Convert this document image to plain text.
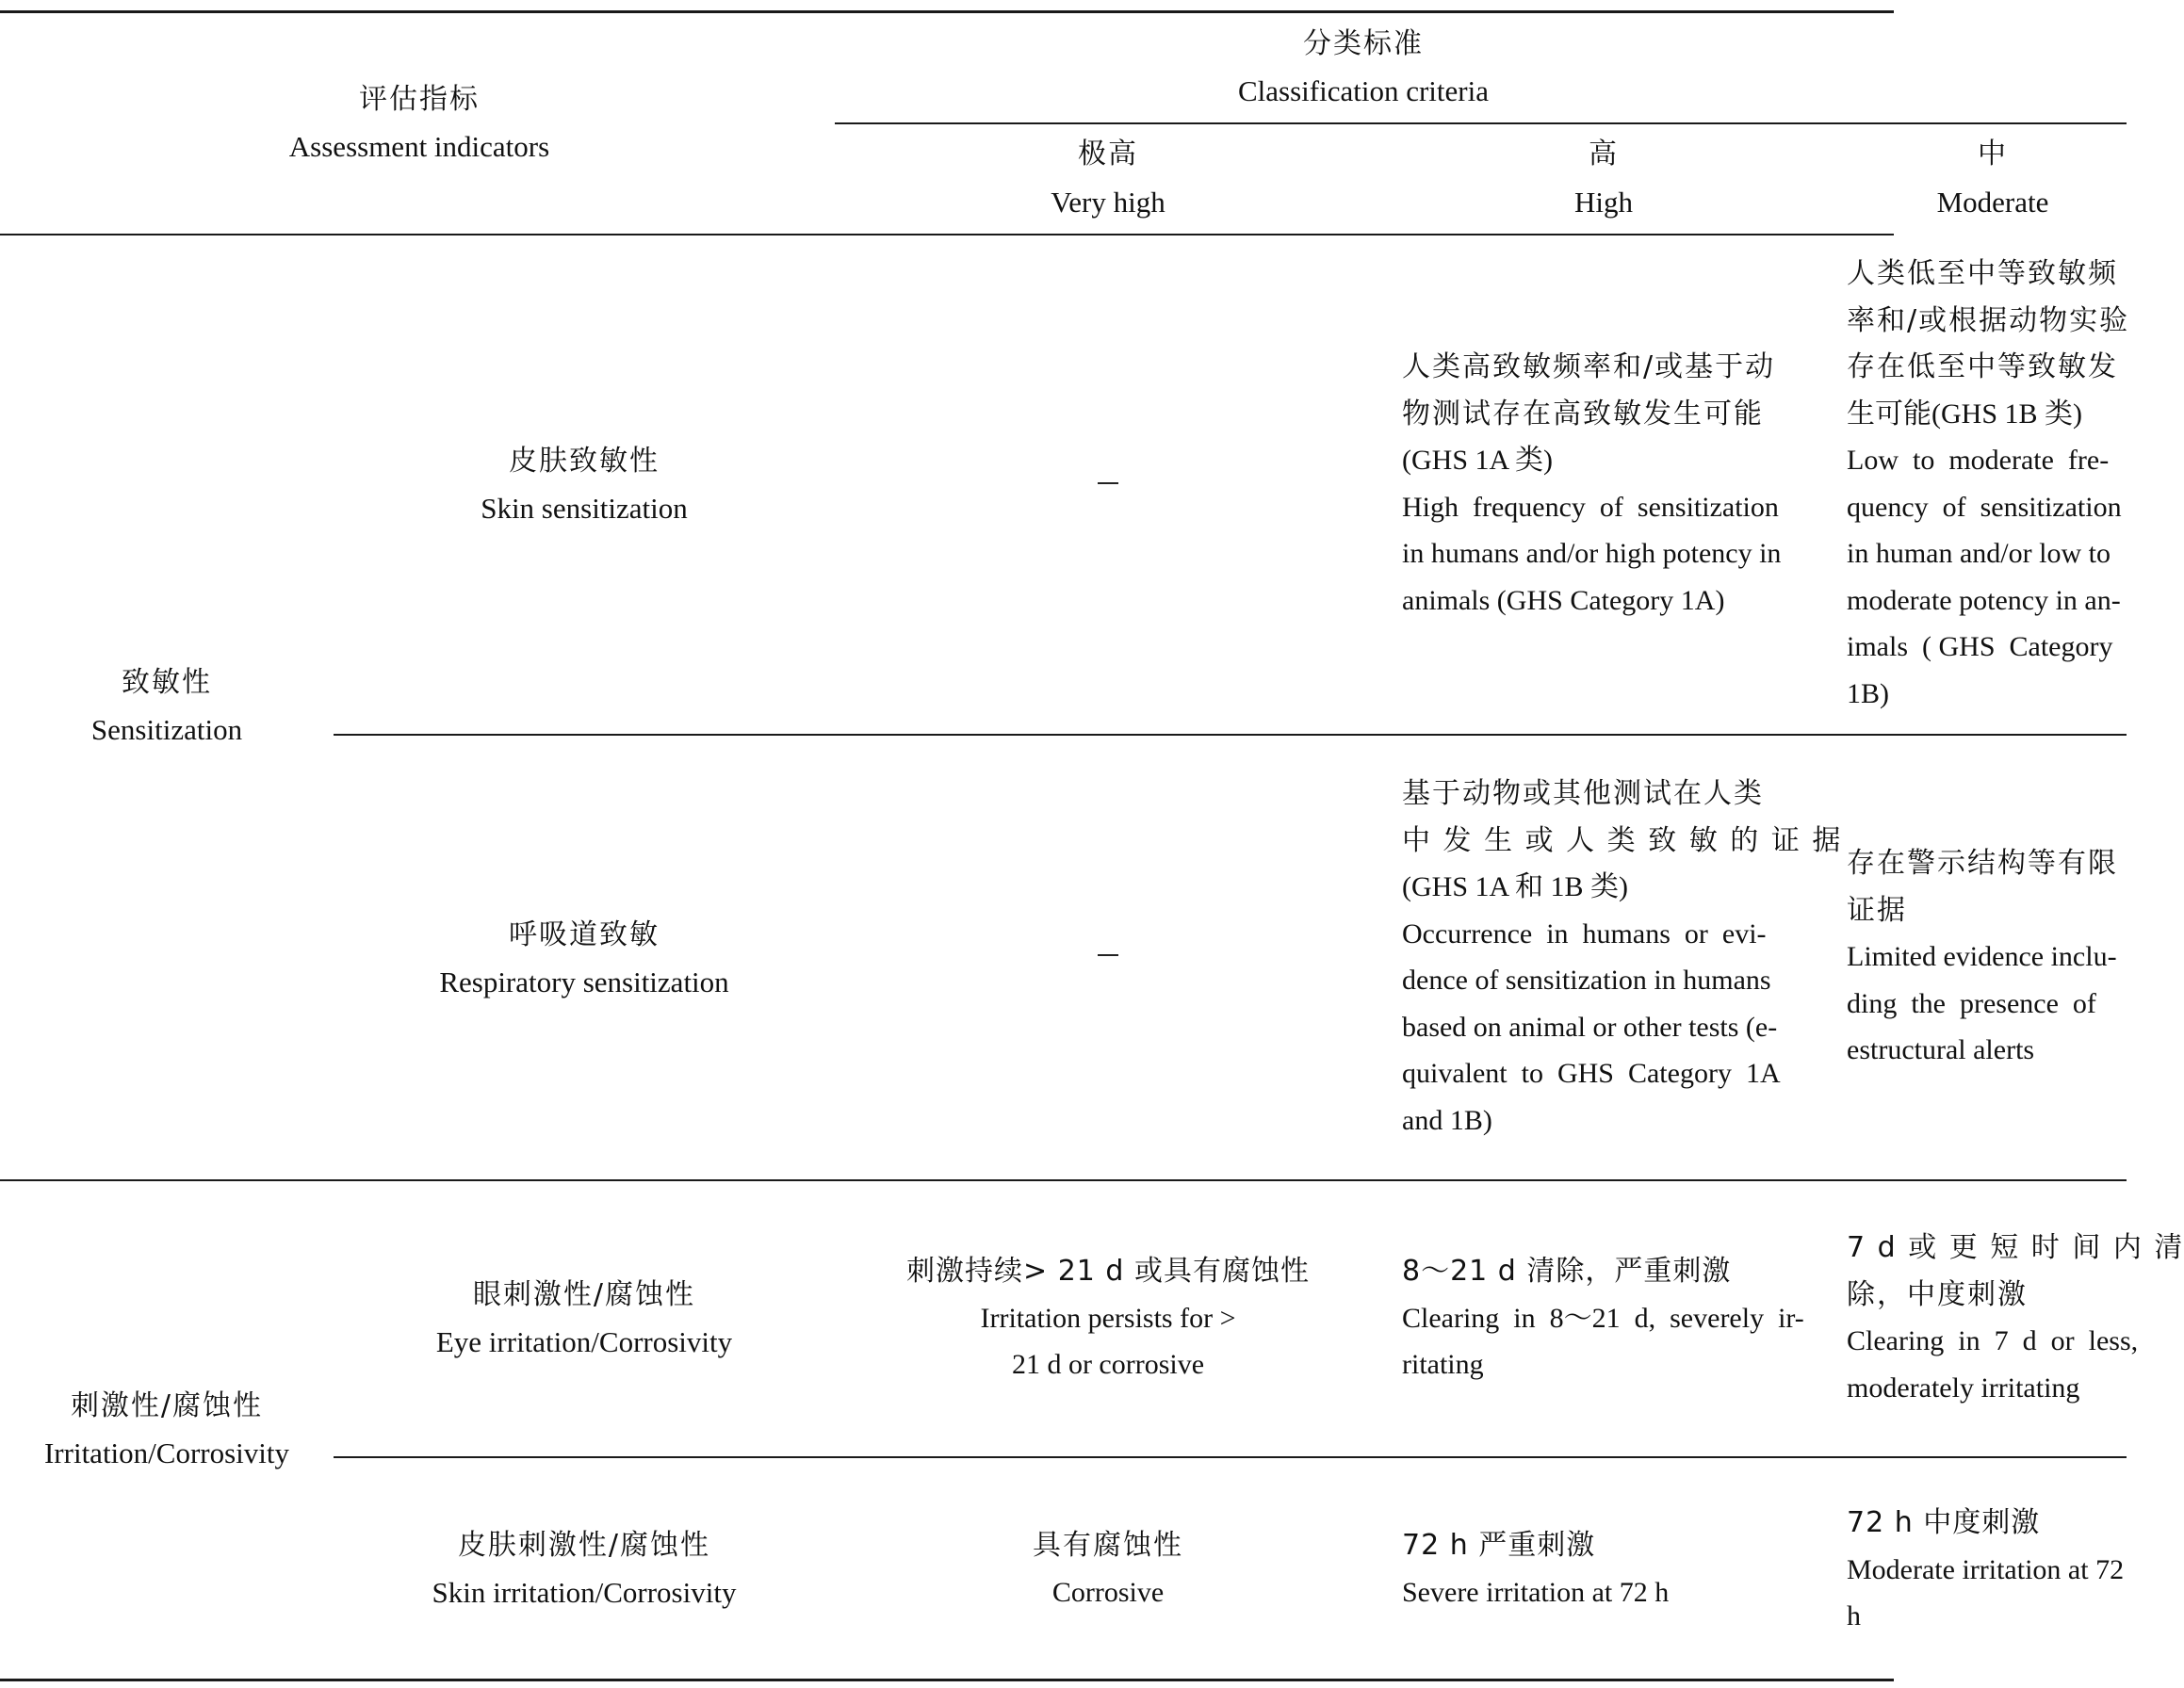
评估指标
Assessment indicators
分类标准
Classification criteria
极高
Very high
高
High
中
Moderate
致敏性
Sensitization
刺激性/腐蚀性
Irritation/Corrosivity
皮肤致敏性
Skin sensitization
人类高致敏频率和/或基于动
物测试存在高致敏发生可能
(GHS 1A 类)
High  frequency  of  sensitization
in humans and/or high potency in
animals (GHS Category 1A)
人类低至中等致敏频
率和/或根据动物实验
存在低至中等致敏发
生可能(GHS 1B 类)
Low  to  moderate  fre-
quency  of  sensitization
in human and/or low to
moderate potency in an-
imals  ( GHS  Category
1B)
呼吸道致敏
Respiratory sensitization
基于动物或其他测试在人类
中 发 生 或 人 类 致 敏 的 证 据
(GHS 1A 和 1B 类)
Occurrence  in  humans  or  evi-
dence of sensitization in humans
based on animal or other tests (e-
quivalent  to  GHS  Category  1A
and 1B)
存在警示结构等有限
证据
Limited evidence inclu-
ding  the  presence  of
estructural alerts
眼刺激性/腐蚀性
Eye irritation/Corrosivity
刺激持续> 21 d 或具有腐蚀性
Irritation persists for >
21 d or corrosive
8～21 d 清除，严重刺激
Clearing  in  8～21  d,  severely  ir-
ritating
7 d 或 更 短 时 间 内 清
除，中度刺激
Clearing  in  7  d  or  less,
moderately irritating
皮肤刺激性/腐蚀性
Skin irritation/Corrosivity
具有腐蚀性
Corrosive
72 h 严重刺激
Severe irritation at 72 h
72 h 中度刺激
Moderate irritation at 72
h
